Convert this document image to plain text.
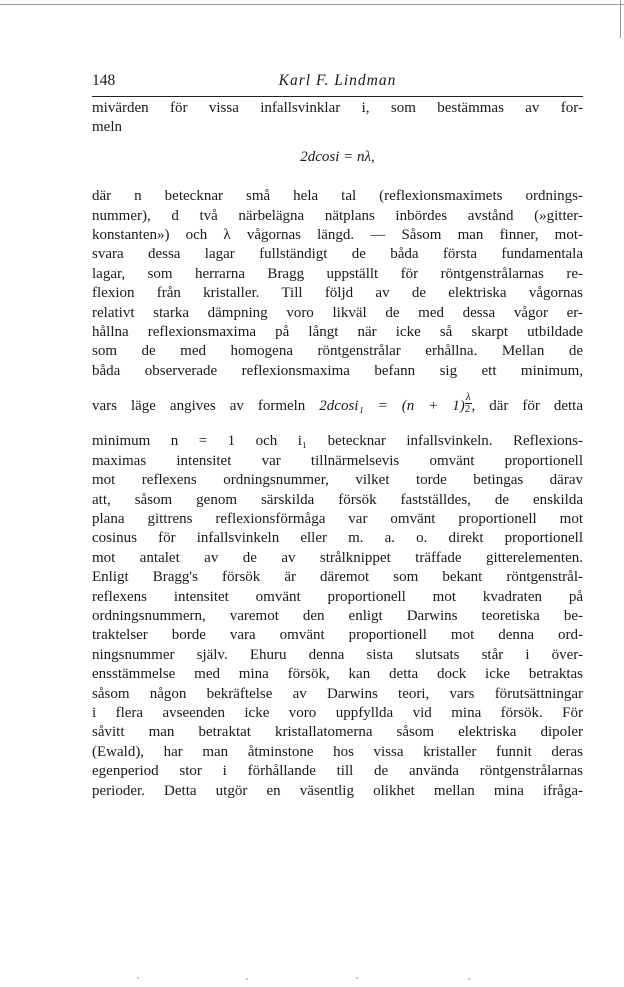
148	Karl F. Lindman
mivärden för vissa infallsvinklar i, som bestämmas av for-
meln
2dcosi = nλ,
där n betecknar små hela tal (reflexionsmaximets ordnings-
nummer), d två närbelägna nätplans inbördes avstånd (»gitter-
konstanten») och λ vågornas längd. — Såsom man finner, mot-
svara dessa lagar fullständigt de båda första fundamentala
lagar, som herrarna Bragg uppställt för röntgenstrålarnas re-
flexion från kristaller. Till följd av de elektriska vågornas
relativt starka dämpning voro likväl de med dessa vågor er-
hållna reflexionsmaxima på långt när icke så skarpt utbildade
som de med homogena röntgenstrålar erhållna. Mellan de
båda observerade reflexionsmaxima befann sig ett minimum,
vars läge angives av formeln $2dcosi_1 = (n + 1) \frac{\lambda}{2}$ , där för detta
minimum n = 1 och i₁ betecknar infallsvinkeln. Reflexions-
maximas intensitet var tillnärmelsevis omvänt proportionell
mot reflexens ordningsnummer, vilket torde betingas därav
att, såsom genom särskilda försök fastställdes, de enskilda
plana gittrens reflexionsförmåga var omvänt proportionell mot
cosinus för infallsvinkeln eller m. a. o. direkt proportionell
mot antalet av de av strålknippet träffade gitterelementen.
Enligt Bragg's försök är däremot som bekant röntgenstrål-
reflexens intensitet omvänt proportionell mot kvadraten på
ordningsnummern, varemot den enligt Darwins teoretiska be-
traktelser borde vara omvänt proportionell mot denna ord-
ningsnummer själv. Ehuru denna sista slutsats står i över-
ensstämmelse med mina försök, kan detta dock icke betraktas
såsom någon bekräftelse av Darwins teori, vars förutsättningar
i flera avseenden icke voro uppfyllda vid mina försök. För
såvitt man betraktat kristallatomerna såsom elektriska dipoler
(Ewald), har man åtminstone hos vissa kristaller funnit deras
egenperiod stor i förhållande till de använda röntgenstrålarnas
perioder. Detta utgör en väsentlig olikhet mellan mina ifråga-
